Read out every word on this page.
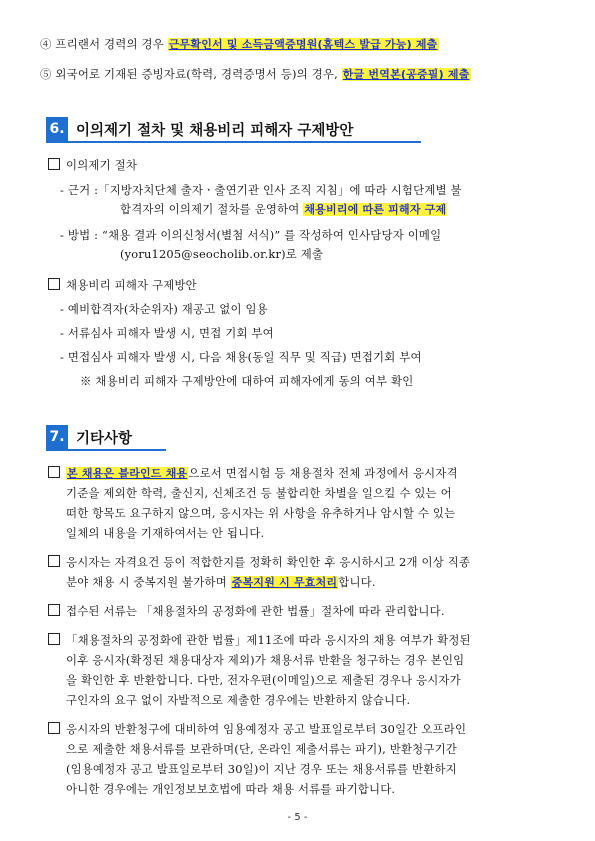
④ 프리랜서 경력의 경우 근무확인서 및 소득금액증명원(홈텍스 발급 가능) 제출
⑤ 외국어로 기재된 증빙자료(학력, 경력증명서 등)의 경우, 한글 번역본(공증필) 제출
6. 이의제기 절차 및 채용비리 피해자 구제방안
이의제기 절차
- 근거 :「지방자치단체 출자ㆍ출연기관 인사 조직 지침」에 따라 시험단계별 불
합격자의 이의제기 절차를 운영하여 채용비리에 따른 피해자 구제
- 방법 : “채용 결과 이의신청서(별첨 서식)” 를 작성하여 인사담당자 이메일
(yoru1205@seocholib.or.kr)로 제출
채용비리 피해자 구제방안
- 예비합격자(차순위자) 재공고 없이 임용
- 서류심사 피해자 발생 시, 면접 기회 부여
- 면접심사 피해자 발생 시, 다음 채용(동일 직무 및 직급) 면접기회 부여
※ 채용비리 피해자 구제방안에 대하여 피해자에게 동의 여부 확인
7. 기타사항
본 채용은 블라인드 채용으로서 면접시험 등 채용절차 전체 과정에서 응시자격
기준을 제외한 학력, 출신지, 신체조건 등 불합리한 차별을 일으킬 수 있는 어
떠한 항목도 요구하지 않으며, 응시자는 위 사항을 유추하거나 암시할 수 있는
일체의 내용을 기재하여서는 안 됩니다.
응시자는 자격요건 등이 적합한지를 정확히 확인한 후 응시하시고 2개 이상 직종
분야 채용 시 중복지원 불가하며 중복지원 시 무효처리합니다.
접수된 서류는 「채용절차의 공정화에 관한 법률」절차에 따라 관리합니다.
「채용절차의 공정화에 관한 법률」제11조에 따라 응시자의 채용 여부가 확정된
이후 응시자(확정된 채용대상자 제외)가 채용서류 반환을 청구하는 경우 본인임
을 확인한 후 반환합니다. 다만, 전자우편(이메일)으로 제출된 경우나 응시자가
구인자의 요구 없이 자발적으로 제출한 경우에는 반환하지 않습니다.
응시자의 반환청구에 대비하여 임용예정자 공고 발표일로부터 30일간 오프라인
으로 제출한 채용서류를 보관하며(단, 온라인 제출서류는 파기), 반환청구기간
(임용예정자 공고 발표일로부터 30일)이 지난 경우 또는 채용서류를 반환하지
아니한 경우에는 개인정보보호법에 따라 채용 서류를 파기합니다.
- 5 -
